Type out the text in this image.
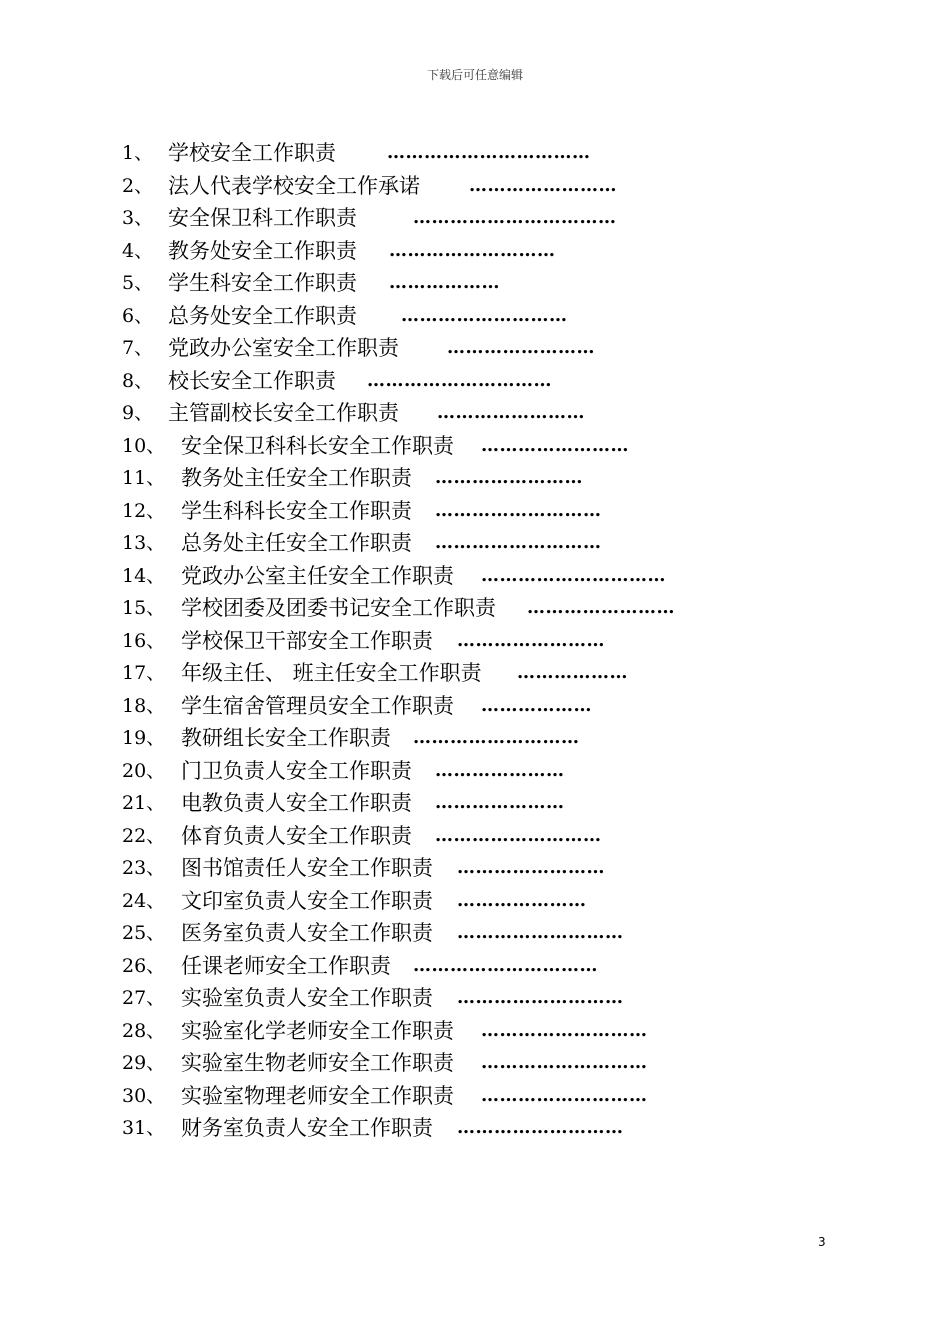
下载后可任意编辑
1、 学校安全工作职责	……………………………
2、 法人代表学校安全工作承诺	……………………
3、 安全保卫科工作职责	……………………………
4、 教务处安全工作职责 ………………………
5、 学生科安全工作职责 ………………
6、 总务处安全工作职责 ………………………
7、 党政办公室安全工作职责	……………………
8、 校长安全工作职责 …………………………
9、 主管副校长安全工作职责 ……………………
10、 安全保卫科科长安全工作职责 ……………………
11、 教务处主任安全工作职责 ……………………
12、 学生科科长安全工作职责 ………………………
13、 总务处主任安全工作职责 ………………………
14、 党政办公室主任安全工作职责 …………………………
15、 学校团委及团委书记安全工作职责 ……………………
16、 学校保卫干部安全工作职责 ……………………
17、 年级主任、 班主任安全工作职责 ………………
18、 学生宿舍管理员安全工作职责 ………………
19、 教研组长安全工作职责 ………………………
20、 门卫负责人安全工作职责 …………………
21、 电教负责人安全工作职责 …………………
22、 体育负责人安全工作职责 ………………………
23、 图书馆责任人安全工作职责 ……………………
24、 文印室负责人安全工作职责 …………………
25、 医务室负责人安全工作职责 ………………………
26、 任课老师安全工作职责 …………………………
27、 实验室负责人安全工作职责 ………………………
28、 实验室化学老师安全工作职责 ………………………
29、 实验室生物老师安全工作职责 ………………………
30、 实验室物理老师安全工作职责 ………………………
31、 财务室负责人安全工作职责 ………………………
3
